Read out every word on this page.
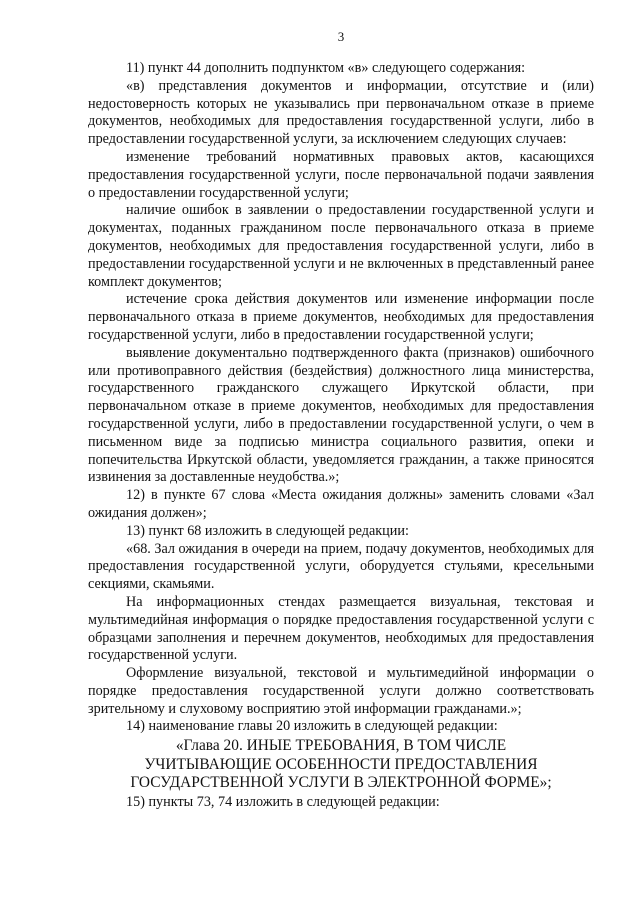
3

11) пункт 44 дополнить подпунктом «в» следующего содержания:

«в) представления документов и информации, отсутствие и (или) недостоверность которых не указывались при первоначальном отказе в приеме документов, необходимых для предоставления государственной услуги, либо в предоставлении государственной услуги, за исключением следующих случаев:

изменение требований нормативных правовых актов, касающихся предоставления государственной услуги, после первоначальной подачи заявления о предоставлении государственной услуги;

наличие ошибок в заявлении о предоставлении государственной услуги и документах, поданных гражданином после первоначального отказа в приеме документов, необходимых для предоставления государственной услуги, либо в предоставлении государственной услуги и не включенных в представленный ранее комплект документов;

истечение срока действия документов или изменение информации после первоначального отказа в приеме документов, необходимых для предоставления государственной услуги, либо в предоставлении государственной услуги;

выявление документально подтвержденного факта (признаков) ошибочного или противоправного действия (бездействия) должностного лица министерства, государственного гражданского служащего Иркутской области, при первоначальном отказе в приеме документов, необходимых для предоставления государственной услуги, либо в предоставлении государственной услуги, о чем в письменном виде за подписью министра социального развития, опеки и попечительства Иркутской области, уведомляется гражданин, а также приносятся извинения за доставленные неудобства.»;

12) в пункте 67 слова «Места ожидания должны» заменить словами «Зал ожидания должен»;

13) пункт 68 изложить в следующей редакции:

«68. Зал ожидания в очереди на прием, подачу документов, необходимых для предоставления государственной услуги, оборудуется стульями, кресельными секциями, скамьями.

На информационных стендах размещается визуальная, текстовая и мультимедийная информация о порядке предоставления государственной услуги с образцами заполнения и перечнем документов, необходимых для предоставления государственной услуги.

Оформление визуальной, текстовой и мультимедийной информации о порядке предоставления государственной услуги должно соответствовать зрительному и слуховому восприятию этой информации гражданами.»;

14) наименование главы 20 изложить в следующей редакции:

«Глава 20. ИНЫЕ ТРЕБОВАНИЯ, В ТОМ ЧИСЛЕ
УЧИТЫВАЮЩИЕ ОСОБЕННОСТИ ПРЕДОСТАВЛЕНИЯ
ГОСУДАРСТВЕННОЙ УСЛУГИ В ЭЛЕКТРОННОЙ ФОРМЕ»;

15) пункты 73, 74 изложить в следующей редакции:
